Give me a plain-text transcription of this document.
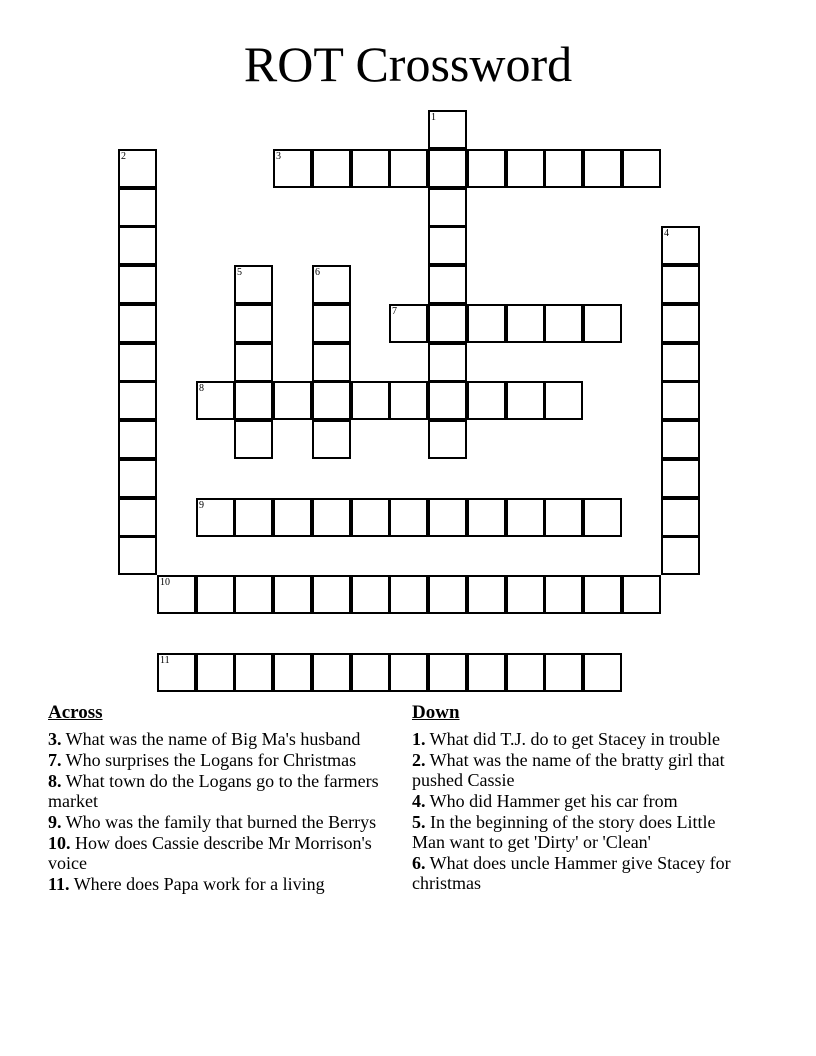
ROT Crossword
1
2	3
4
5	6
7
8
9
10
11
Across
3. What was the name of Big Ma's husband
7. Who surprises the Logans for Christmas
8. What town do the Logans go to the farmers market
9. Who was the family that burned the Berrys
10. How does Cassie describe Mr Morrison's voice
11. Where does Papa work for a living
Down
1. What did T.J. do to get Stacey in trouble
2. What was the name of the bratty girl that pushed Cassie
4. Who did Hammer get his car from
5. In the beginning of the story does Little Man want to get 'Dirty' or 'Clean'
6. What does uncle Hammer give Stacey for christmas
